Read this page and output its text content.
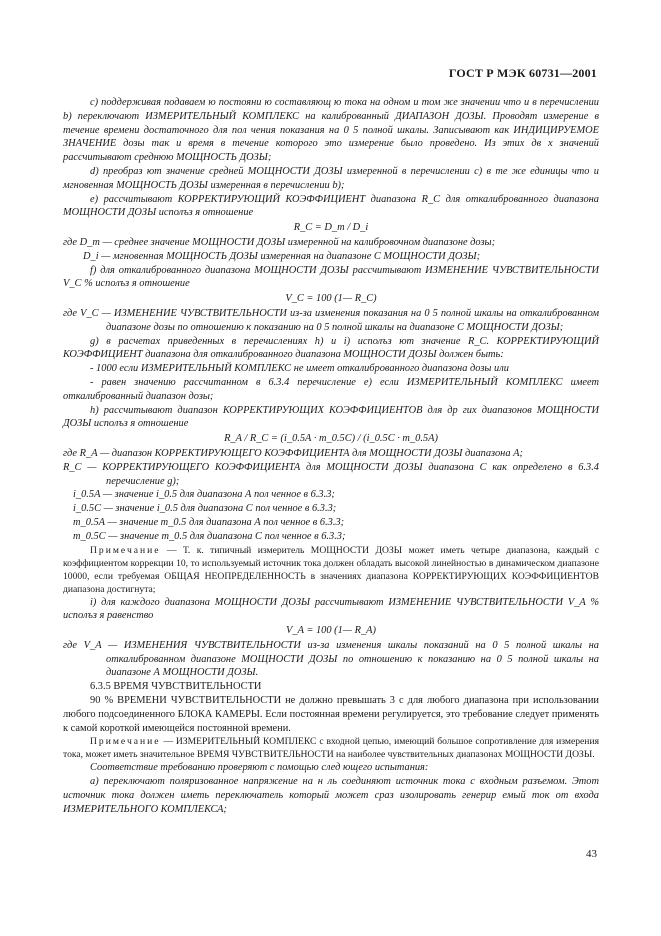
ГОСТ Р МЭК 60731—2001

с) поддерживая подаваем ю постояни ю составляющ ю тока на одном и том же значении что и в перечислении b) переключают ИЗМЕРИТЕЛЬНЫЙ КОМПЛЕКС на калиброванный ДИАПАЗОН ДОЗЫ. Проводят измерение в течение времени достаточного для пол чения показания на 0 5 полной шкалы. Записывают как ИНДИЦИРУЕМОЕ ЗНАЧЕНИЕ дозы так и время в течение которого это измерение было проведено. Из этих дв х значений рассчитывают среднюю МОЩНОСТЬ ДОЗЫ;

d) преобраз ют значение средней МОЩНОСТИ ДОЗЫ измеренной в перечислении с) в те же единицы что и мгновенная МОЩНОСТЬ ДОЗЫ измеренная в перечислении b);

е) рассчитывают КОРРЕКТИРУЮЩИЙ КОЭФФИЦИЕНТ диапазона R_C для откалиброванного диапазона МОЩНОСТИ ДОЗЫ исполъз я отношение

R_C = D_m / D_i

где D_m — среднее значение МОЩНОСТИ ДОЗЫ измеренной на калибровочном диапазоне дозы;

D_i — мгновенная МОЩНОСТЬ ДОЗЫ измеренная на диапазоне С МОЩНОСТИ ДОЗЫ;

f) для откалиброванного диапазона МОЩНОСТИ ДОЗЫ рассчитывают ИЗМЕНЕНИЕ ЧУВСТВИТЕЛЬНОСТИ V_C % исполъз я отношение

V_C = 100 (1— R_C)

где V_C — ИЗМЕНЕНИЕ ЧУВСТВИТЕЛЬНОСТИ из-за изменения показания на 0 5 полной шкалы на откалиброванном диапазоне дозы по отношению к показанию на 0 5 полной шкалы на диапазоне С МОЩНОСТИ ДОЗЫ;

g) в расчетах приведенных в перечислениях h) и i) исполъз ют значение R_C. КОРРЕКТИРУЮЩИЙ КОЭФФИЦИЕНТ диапазона для откалиброванного диапазона МОЩНОСТИ ДОЗЫ должен быть:

- 1000 если ИЗМЕРИТЕЛЬНЫЙ КОМПЛЕКС не имеет откалиброванного диапазона дозы или

- равен значению рассчитанном в 6.3.4 перечисление е) если ИЗМЕРИТЕЛЬНЫЙ КОМПЛЕКС имеет откалиброванный диапазон дозы;

h) рассчитывают диапазон КОРРЕКТИРУЮЩИХ КОЭФФИЦИЕНТОВ для др гих диапазонов МОЩНОСТИ ДОЗЫ исполъз я отношение

R_A / R_C = (i_0.5A · m_0.5C) / (i_0.5C · m_0.5A)

где R_A — диапазон КОРРЕКТИРУЮЩЕГО КОЭФФИЦИЕНТА для МОЩНОСТИ ДОЗЫ диапазона А;

R_C — КОРРЕКТИРУЮЩЕГО КОЭФФИЦИЕНТА для МОЩНОСТИ ДОЗЫ диапазона С как определено в 6.3.4 перечисление g);

i_0.5A — значение i_0.5 для диапазона А пол ченное в 6.3.3;

i_0.5C — значение i_0.5 для диапазона С пол ченное в 6.3.3;

m_0.5A — значение m_0.5 для диапазона А пол ченное в 6.3.3;

m_0.5C — значение m_0.5 для диапазона С пол ченное в 6.3.3;

Примечание — Т. к. типичный измеритель МОЩНОСТИ ДОЗЫ может иметь четыре диапазона, каждый с коэффициентом коррекции 10, то используемый источник тока должен обладать высокой линейностью в динамическом диапазоне 10000, если требуемая ОБЩАЯ НЕОПРЕДЕЛЕННОСТЬ в значениях диапазона КОРРЕКТИРУЮЩИХ КОЭФФИЦИЕНТОВ диапазона достигнута;

i) для каждого диапазона МОЩНОСТИ ДОЗЫ рассчитывают ИЗМЕНЕНИЕ ЧУВСТВИТЕЛЬНОСТИ V_A % исполъз я равенство

V_A = 100 (1— R_A)

где V_A — ИЗМЕНЕНИЯ ЧУВСТВИТЕЛЬНОСТИ из-за изменения шкалы показаний на 0 5 полной шкалы на откалиброванном диапазоне МОЩНОСТИ ДОЗЫ по отношению к показанию на 0 5 полной шкалы на диапазоне А МОЩНОСТИ ДОЗЫ.

6.3.5 ВРЕМЯ ЧУВСТВИТЕЛЬНОСТИ

90 % ВРЕМЕНИ ЧУВСТВИТЕЛЬНОСТИ не должно превышать 3 с для любого диапазона при использовании любого подсоединенного БЛОКА КАМЕРЫ. Если постоянная времени регулируется, это требование следует применять к самой короткой имеющейся постоянной времени.

Примечание — ИЗМЕРИТЕЛЬНЫЙ КОМПЛЕКС с входной цепью, имеющий большое сопротивление для измерения тока, может иметь значительное ВРЕМЯ ЧУВСТВИТЕЛЬНОСТИ на наиболее чувствительных диапазонах МОЩНОСТИ ДОЗЫ.

Соответствие требованию проверяют с помощью след ющего испытания:

а) переключают поляризованное напряжение на н ль соединяют источник тока с входным разъемом. Этот источник тока должен иметь переключатель который может сраз изолировать генерир емый ток от входа ИЗМЕРИТЕЛЬНОГО КОМПЛЕКСА;

43
